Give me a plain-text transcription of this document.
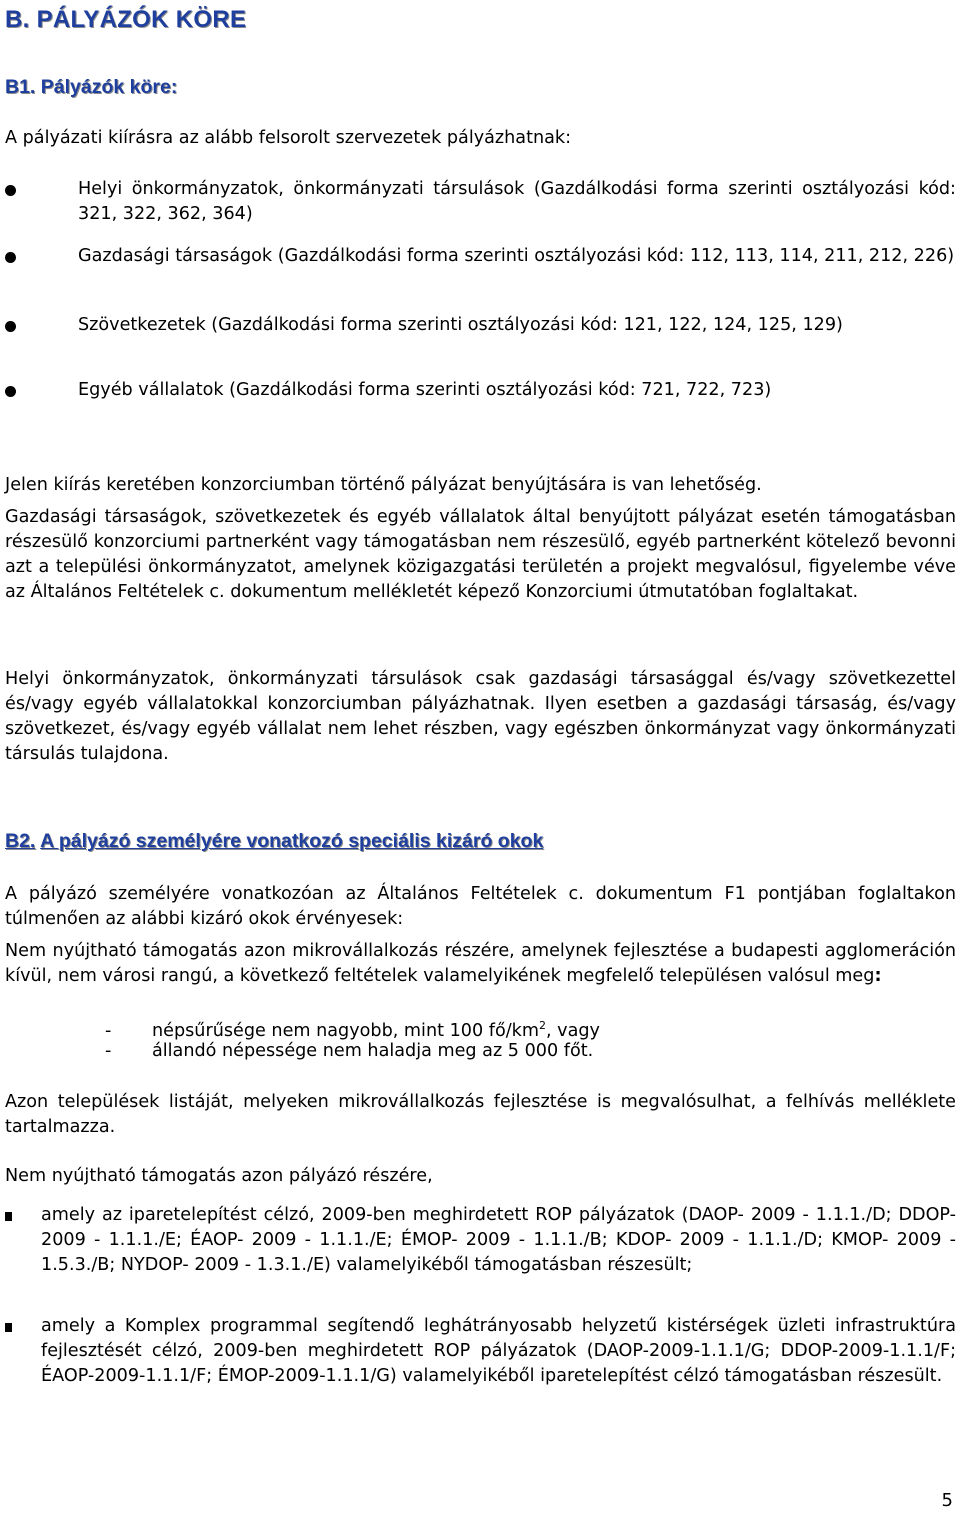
B. PÁLYÁZÓK KÖRE
B1. Pályázók köre:

A pályázati kiírásra az alább felsorolt szervezetek pályázhatnak:

Helyi önkormányzatok, önkormányzati társulások (Gazdálkodási forma szerinti osztályozási kód: 321, 322, 362, 364)
Gazdasági társaságok (Gazdálkodási forma szerinti osztályozási kód: 112, 113, 114, 211, 212, 226)
Szövetkezetek (Gazdálkodási forma szerinti osztályozási kód: 121, 122, 124, 125, 129)
Egyéb vállalatok (Gazdálkodási forma szerinti osztályozási kód: 721, 722, 723)

Jelen kiírás keretében konzorciumban történő pályázat benyújtására is van lehetőség.

Gazdasági társaságok, szövetkezetek és egyéb vállalatok által benyújtott pályázat esetén támogatásban részesülő konzorciumi partnerként vagy támogatásban nem részesülő, egyéb partnerként kötelező bevonni azt a települési önkormányzatot, amelynek közigazgatási területén a projekt megvalósul, figyelembe véve az Általános Feltételek c. dokumentum mellékletét képező Konzorciumi útmutatóban foglaltakat.

Helyi önkormányzatok, önkormányzati társulások csak gazdasági társasággal és/vagy szövetkezettel és/vagy egyéb vállalatokkal konzorciumban pályázhatnak. Ilyen esetben a gazdasági társaság, és/vagy szövetkezet, és/vagy egyéb vállalat nem lehet részben, vagy egészben önkormányzat vagy önkormányzati társulás tulajdona.

B2. A pályázó személyére vonatkozó speciális kizáró okok

A pályázó személyére vonatkozóan az Általános Feltételek c. dokumentum F1 pontjában foglaltakon túlmenően az alábbi kizáró okok érvényesek:

Nem nyújtható támogatás azon mikrovállalkozás részére, amelynek fejlesztése a budapesti agglomeráción kívül, nem városi rangú, a következő feltételek valamelyikének megfelelő településen valósul meg:

- népsűrűsége nem nagyobb, mint 100 $fő/km^2$, vagy
- állandó népessége nem haladja meg az 5 000 főt.

Azon települések listáját, melyeken mikrovállalkozás fejlesztése is megvalósulhat, a felhívás melléklete tartalmazza.

Nem nyújtható támogatás azon pályázó részére,

amely az iparetelepítést célzó, 2009-ben meghirdetett ROP pályázatok (DAOP- 2009 - 1.1.1./D; DDOP- 2009 - 1.1.1./E; ÉAOP- 2009 - 1.1.1./E; ÉMOP- 2009 - 1.1.1./B; KDOP- 2009 - 1.1.1./D; KMOP- 2009 - 1.5.3./B; NYDOP- 2009 - 1.3.1./E) valamelyikéből támogatásban részesült;

amely a Komplex programmal segítendő leghátrányosabb helyzetű kistérségek üzleti infrastruktúra fejlesztését célzó, 2009-ben meghirdetett ROP pályázatok (DAOP-2009-1.1.1/G; DDOP-2009-1.1.1/F; ÉAOP-2009-1.1.1/F; ÉMOP-2009-1.1.1/G) valamelyikéből iparetelepítést célzó támogatásban részesült.

5
